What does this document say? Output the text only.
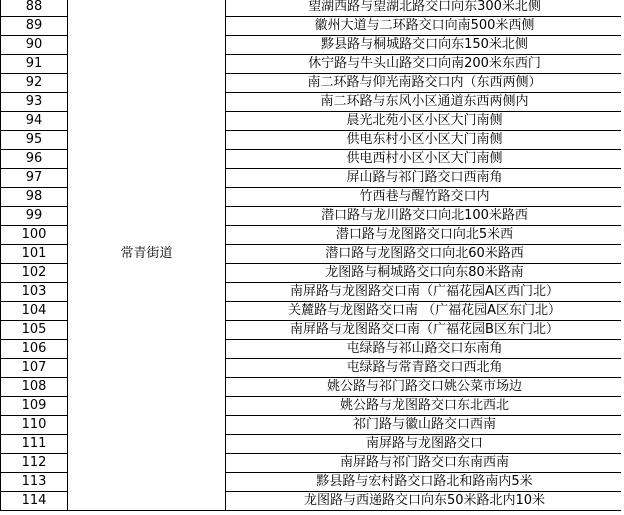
88	常青街道	望湖西路与望湖北路交口向东300米北侧
89		徽州大道与二环路交口向南500米西侧
90		黟县路与桐城路交口向东150米北侧
91		休宁路与牛头山路交口向南200米东西门
92		南二环路与仰光南路交口内（东西两侧）
93		南二环路与东风小区通道东西两侧内
94		晨光北苑小区小区大门南侧
95		供电东村小区小区大门南侧
96		供电西村小区小区大门南侧
97		屏山路与祁门路交口西南角
98		竹西巷与醒竹路交口内
99		潜口路与龙川路交口向北100米路西
100		潜口路与龙图路交口向北5米西
101		潜口路与龙图路交口向北60米路西
102		龙图路与桐城路交口向东80米路南
103		南屏路与龙图路交口南（广福花园A区西门北）
104		关麓路与龙图路交口南 （广福花园A区东门北）
105		南屏路与龙图路交口南（广福花园B区东门北）
106		屯绿路与祁山路交口东南角
107		屯绿路与常青路交口西北角
108		姚公路与祁门路交口姚公菜市场边
109		姚公路与龙图路交口东北西北
110		祁门路与徽山路交口西南
111		南屏路与龙图路交口
112		南屏路与祁门路交口东南西南
113		黟县路与宏村路交口路北和路南内5米
114		龙图路与西递路交口向东50米路北内10米
